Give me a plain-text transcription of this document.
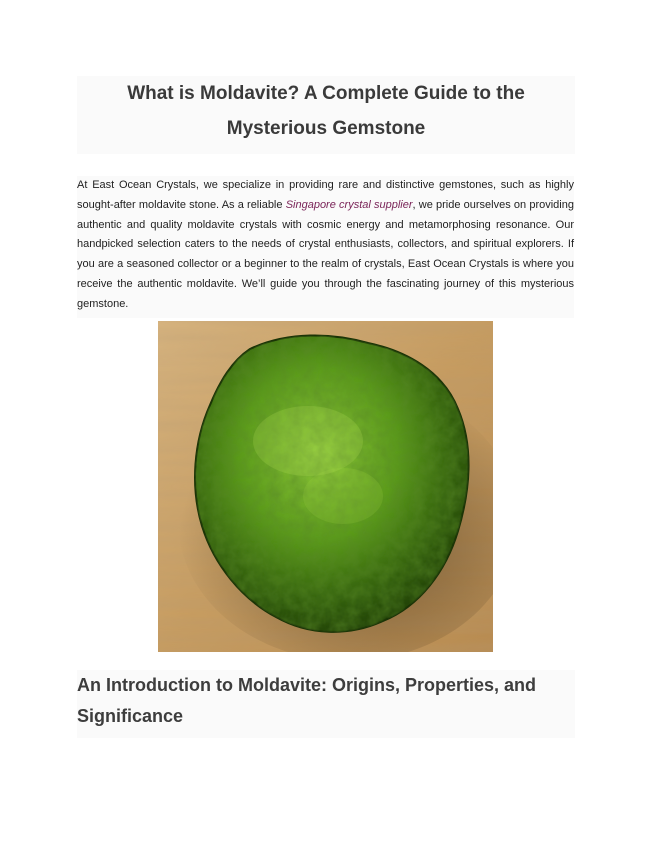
What is Moldavite? A Complete Guide to the Mysterious Gemstone

At East Ocean Crystals, we specialize in providing rare and distinctive gemstones, such as highly sought-after moldavite stone. As a reliable Singapore crystal supplier, we pride ourselves on providing authentic and quality moldavite crystals with cosmic energy and metamorphosing resonance. Our handpicked selection caters to the needs of crystal enthusiasts, collectors, and spiritual explorers. If you are a seasoned collector or a beginner to the realm of crystals, East Ocean Crystals is where you receive the authentic moldavite. We’ll guide you through the fascinating journey of this mysterious gemstone.

An Introduction to Moldavite: Origins, Properties, and Significance
